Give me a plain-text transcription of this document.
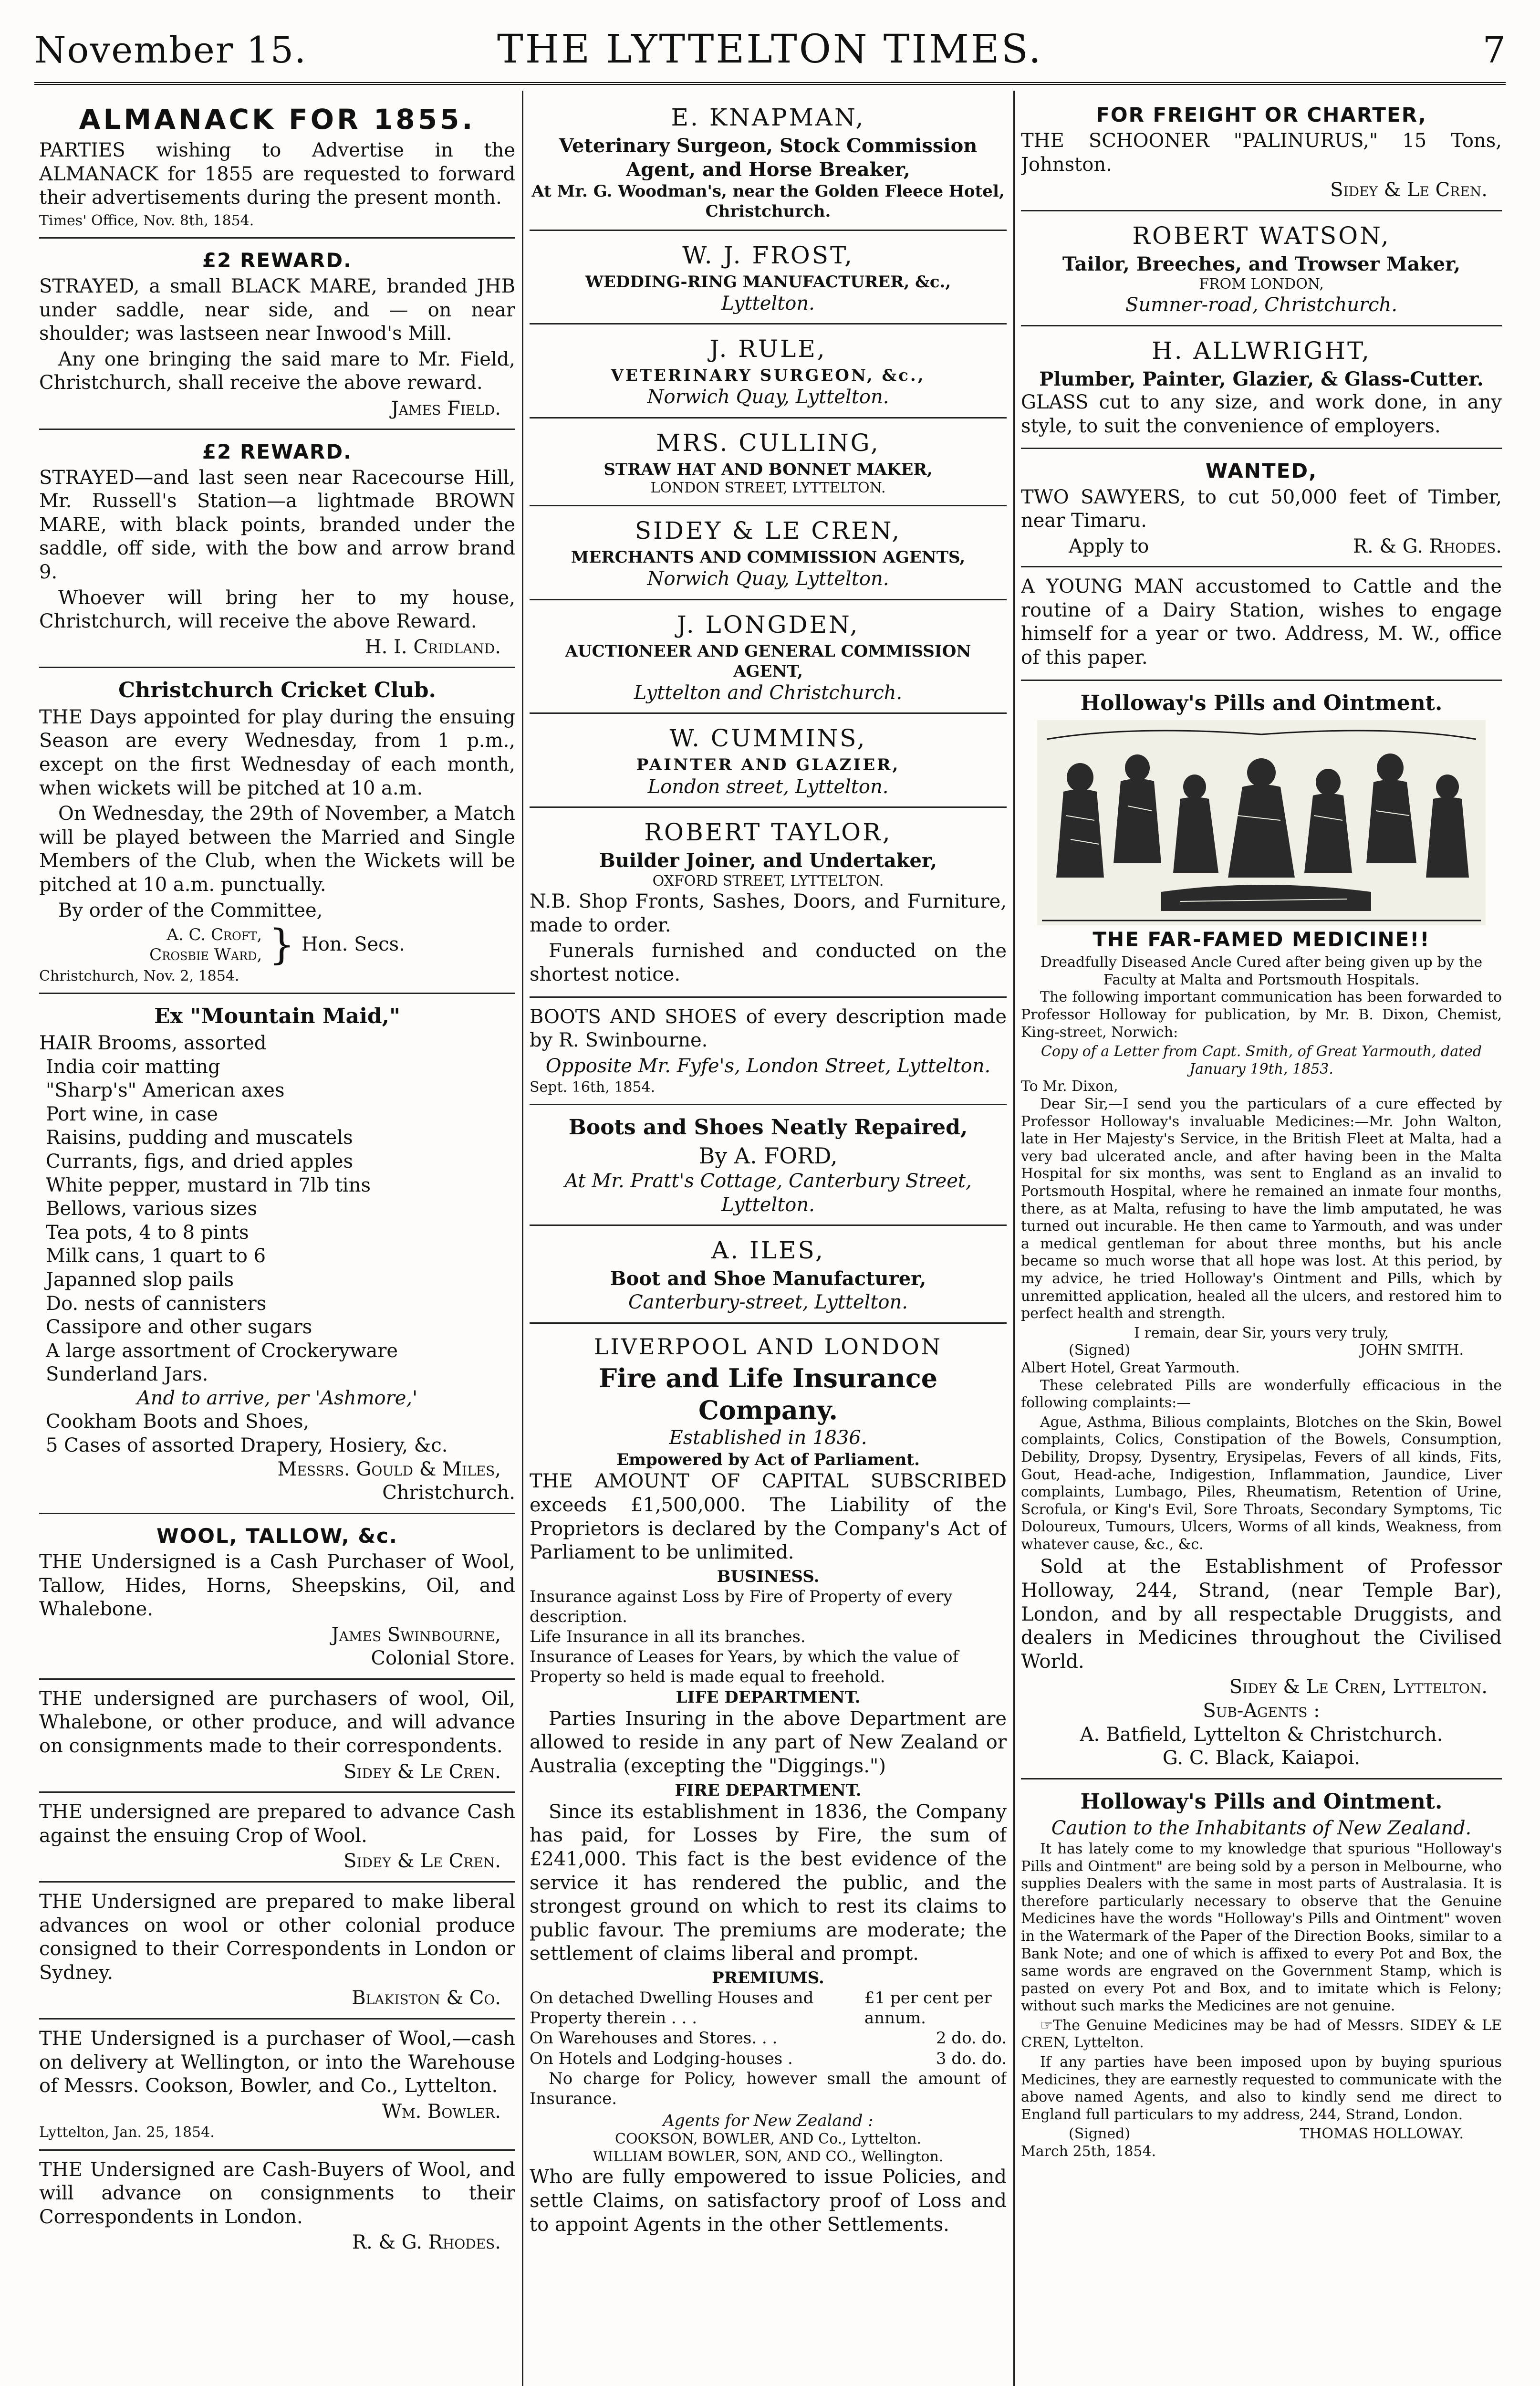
November 15.	THE LYTTELTON TIMES.	7
ALMANACK FOR 1855.

PARTIES wishing to Advertise in the ALMANACK for 1855 are requested to forward their advertisements during the present month.

Times' Office, Nov. 8th, 1854.
£2 REWARD.

STRAYED, a small BLACK MARE, branded JHB under saddle, near side, and — on near shoulder; was lastseen near Inwood's Mill.

Any one bringing the said mare to Mr. Field, Christchurch, shall receive the above reward.

James Field.
£2 REWARD.

STRAYED—and last seen near Racecourse Hill, Mr. Russell's Station—a lightmade BROWN MARE, with black points, branded under the saddle, off side, with the bow and arrow brand 9.

Whoever will bring her to my house, Christchurch, will receive the above Reward.

H. I. Cridland.
Christchurch Cricket Club.

THE Days appointed for play during the ensuing Season are every Wednesday, from 1 p.m., except on the first Wednesday of each month, when wickets will be pitched at 10 a.m.

On Wednesday, the 29th of November, a Match will be played between the Married and Single Members of the Club, when the Wickets will be pitched at 10 a.m. punctually.

By order of the Committee,

A. C. Croft,
Crosbie Ward, } Hon. Secs.
Christchurch, Nov. 2, 1854.
Ex "Mountain Maid,"
HAIR Brooms, assorted
India coir matting
"Sharp's" American axes
Port wine, in case
Raisins, pudding and muscatels
Currants, figs, and dried apples
White pepper, mustard in 7lb tins
Bellows, various sizes
Tea pots, 4 to 8 pints
Milk cans, 1 quart to 6
Japanned slop pails
Do. nests of cannisters
Cassipore and other sugars
A large assortment of Crockeryware
Sunderland Jars.
And to arrive, per 'Ashmore,'
Cookham Boots and Shoes,
5 Cases of assorted Drapery, Hosiery, &c.
Messrs. Gould & Miles,
Christchurch.
WOOL, TALLOW, &c.

THE Undersigned is a Cash Purchaser of Wool, Tallow, Hides, Horns, Sheepskins, Oil, and Whalebone.

James Swinbourne,
Colonial Store.

THE undersigned are purchasers of wool, Oil, Whalebone, or other produce, and will advance on consignments made to their correspondents.

Sidey & Le Cren.

THE undersigned are prepared to advance Cash against the ensuing Crop of Wool.

Sidey & Le Cren.

THE Undersigned are prepared to make liberal advances on wool or other colonial produce consigned to their Correspondents in London or Sydney.

Blakiston & Co.

THE Undersigned is a purchaser of Wool,—cash on delivery at Wellington, or into the Warehouse of Messrs. Cookson, Bowler, and Co., Lyttelton.

Wm. Bowler.
Lyttelton, Jan. 25, 1854.

THE Undersigned are Cash-Buyers of Wool, and will advance on consignments to their Correspondents in London.

R. & G. Rhodes.
E. KNAPMAN,
Veterinary Surgeon, Stock Commission Agent, and Horse Breaker,
At Mr. G. Woodman's, near the Golden Fleece Hotel, Christchurch.
W. J. FROST,
WEDDING-RING MANUFACTURER, &c.,
Lyttelton.
J. RULE,
VETERINARY SURGEON, &c.,
Norwich Quay, Lyttelton.
MRS. CULLING,
STRAW HAT AND BONNET MAKER,
LONDON STREET, LYTTELTON.
SIDEY & LE CREN,
MERCHANTS AND COMMISSION AGENTS,
Norwich Quay, Lyttelton.
J. LONGDEN,
AUCTIONEER AND GENERAL COMMISSION AGENT,
Lyttelton and Christchurch.
W. CUMMINS,
PAINTER AND GLAZIER,
London street, Lyttelton.
ROBERT TAYLOR,
Builder Joiner, and Undertaker,
OXFORD STREET, LYTTELTON.

N.B. Shop Fronts, Sashes, Doors, and Furniture, made to order.

Funerals furnished and conducted on the shortest notice.

BOOTS AND SHOES of every description made by R. Swinbourne.

Opposite Mr. Fyfe's, London Street, Lyttelton.
Sept. 16th, 1854.
Boots and Shoes Neatly Repaired,
By A. FORD,
At Mr. Pratt's Cottage, Canterbury Street, Lyttelton.
A. ILES,
Boot and Shoe Manufacturer,
Canterbury-street, Lyttelton.
LIVERPOOL AND LONDON
Fire and Life Insurance Company.
Established in 1836.
Empowered by Act of Parliament.

THE AMOUNT OF CAPITAL SUBSCRIBED exceeds £1,500,000. The Liability of the Proprietors is declared by the Company's Act of Parliament to be unlimited.

BUSINESS.
Insurance against Loss by Fire of Property of every description.
Life Insurance in all its branches.
Insurance of Leases for Years, by which the value of Property so held is made equal to freehold.
LIFE DEPARTMENT.

Parties Insuring in the above Department are allowed to reside in any part of New Zealand or Australia (excepting the "Diggings.")

FIRE DEPARTMENT.

Since its establishment in 1836, the Company has paid, for Losses by Fire, the sum of £241,000. This fact is the best evidence of the service it has rendered the public, and the strongest ground on which to rest its claims to public favour. The premiums are moderate; the settlement of claims liberal and prompt.

PREMIUMS.
On detached Dwelling Houses and Property therein . . .
£1 per cent per annum.
On Warehouses and Stores. . .	2 do. do.
On Hotels and Lodging-houses .	3 do. do.

No charge for Policy, however small the amount of Insurance.

Agents for New Zealand :
COOKSON, BOWLER, AND Co., Lyttelton.
WILLIAM BOWLER, SON, AND CO., Wellington.

Who are fully empowered to issue Policies, and settle Claims, on satisfactory proof of Loss and to appoint Agents in the other Settlements.

FOR FREIGHT OR CHARTER,

THE SCHOONER "PALINURUS," 15 Tons, Johnston.

Sidey & Le Cren.
ROBERT WATSON,
Tailor, Breeches, and Trowser Maker,
FROM LONDON,
Sumner-road, Christchurch.
H. ALLWRIGHT,
Plumber, Painter, Glazier, & Glass-Cutter.

GLASS cut to any size, and work done, in any style, to suit the convenience of employers.

WANTED,

TWO SAWYERS, to cut 50,000 feet of Timber, near Timaru.

Apply to	R. & G. Rhodes.

A YOUNG MAN accustomed to Cattle and the routine of a Dairy Station, wishes to engage himself for a year or two. Address, M. W., office of this paper.

Holloway's Pills and Ointment.
THE FAR-FAMED MEDICINE!!
Dreadfully Diseased Ancle Cured after being given up by the Faculty at Malta and Portsmouth Hospitals.

The following important communication has been forwarded to Professor Holloway for publication, by Mr. B. Dixon, Chemist, King-street, Norwich:

Copy of a Letter from Capt. Smith, of Great Yarmouth, dated January 19th, 1853.
To Mr. Dixon,

Dear Sir,—I send you the particulars of a cure effected by Professor Holloway's invaluable Medicines:—Mr. John Walton, late in Her Majesty's Service, in the British Fleet at Malta, had a very bad ulcerated ancle, and after having been in the Malta Hospital for six months, was sent to England as an invalid to Portsmouth Hospital, where he remained an inmate four months, there, as at Malta, refusing to have the limb amputated, he was turned out incurable. He then came to Yarmouth, and was under a medical gentleman for about three months, but his ancle became so much worse that all hope was lost. At this period, by my advice, he tried Holloway's Ointment and Pills, which by unremitted application, healed all the ulcers, and restored him to perfect health and strength.

I remain, dear Sir, yours very truly,
(Signed)	JOHN SMITH.
Albert Hotel, Great Yarmouth.

These celebrated Pills are wonderfully efficacious in the following complaints:—

Ague, Asthma, Bilious complaints, Blotches on the Skin, Bowel complaints, Colics, Constipation of the Bowels, Consumption, Debility, Dropsy, Dysentry, Erysipelas, Fevers of all kinds, Fits, Gout, Head-ache, Indigestion, Inflammation, Jaundice, Liver complaints, Lumbago, Piles, Rheumatism, Retention of Urine, Scrofula, or King's Evil, Sore Throats, Secondary Symptoms, Tic Doloureux, Tumours, Ulcers, Worms of all kinds, Weakness, from whatever cause, &c., &c.

Sold at the Establishment of Professor Holloway, 244, Strand, (near Temple Bar), London, and by all respectable Druggists, and dealers in Medicines throughout the Civilised World.

Sidey & Le Cren, Lyttelton.
Sub-Agents :
A. Batfield, Lyttelton & Christchurch.
G. C. Black, Kaiapoi.
Holloway's Pills and Ointment.
Caution to the Inhabitants of New Zealand.

It has lately come to my knowledge that spurious "Holloway's Pills and Ointment" are being sold by a person in Melbourne, who supplies Dealers with the same in most parts of Australasia. It is therefore particularly necessary to observe that the Genuine Medicines have the words "Holloway's Pills and Ointment" woven in the Watermark of the Paper of the Direction Books, similar to a Bank Note; and one of which is affixed to every Pot and Box, the same words are engraved on the Government Stamp, which is pasted on every Pot and Box, and to imitate which is Felony; without such marks the Medicines are not genuine.

☞The Genuine Medicines may be had of Messrs. SIDEY & LE CREN, Lyttelton.

If any parties have been imposed upon by buying spurious Medicines, they are earnestly requested to communicate with the above named Agents, and also to kindly send me direct to England full particulars to my address, 244, Strand, London.

(Signed)	THOMAS HOLLOWAY.
March 25th, 1854.
